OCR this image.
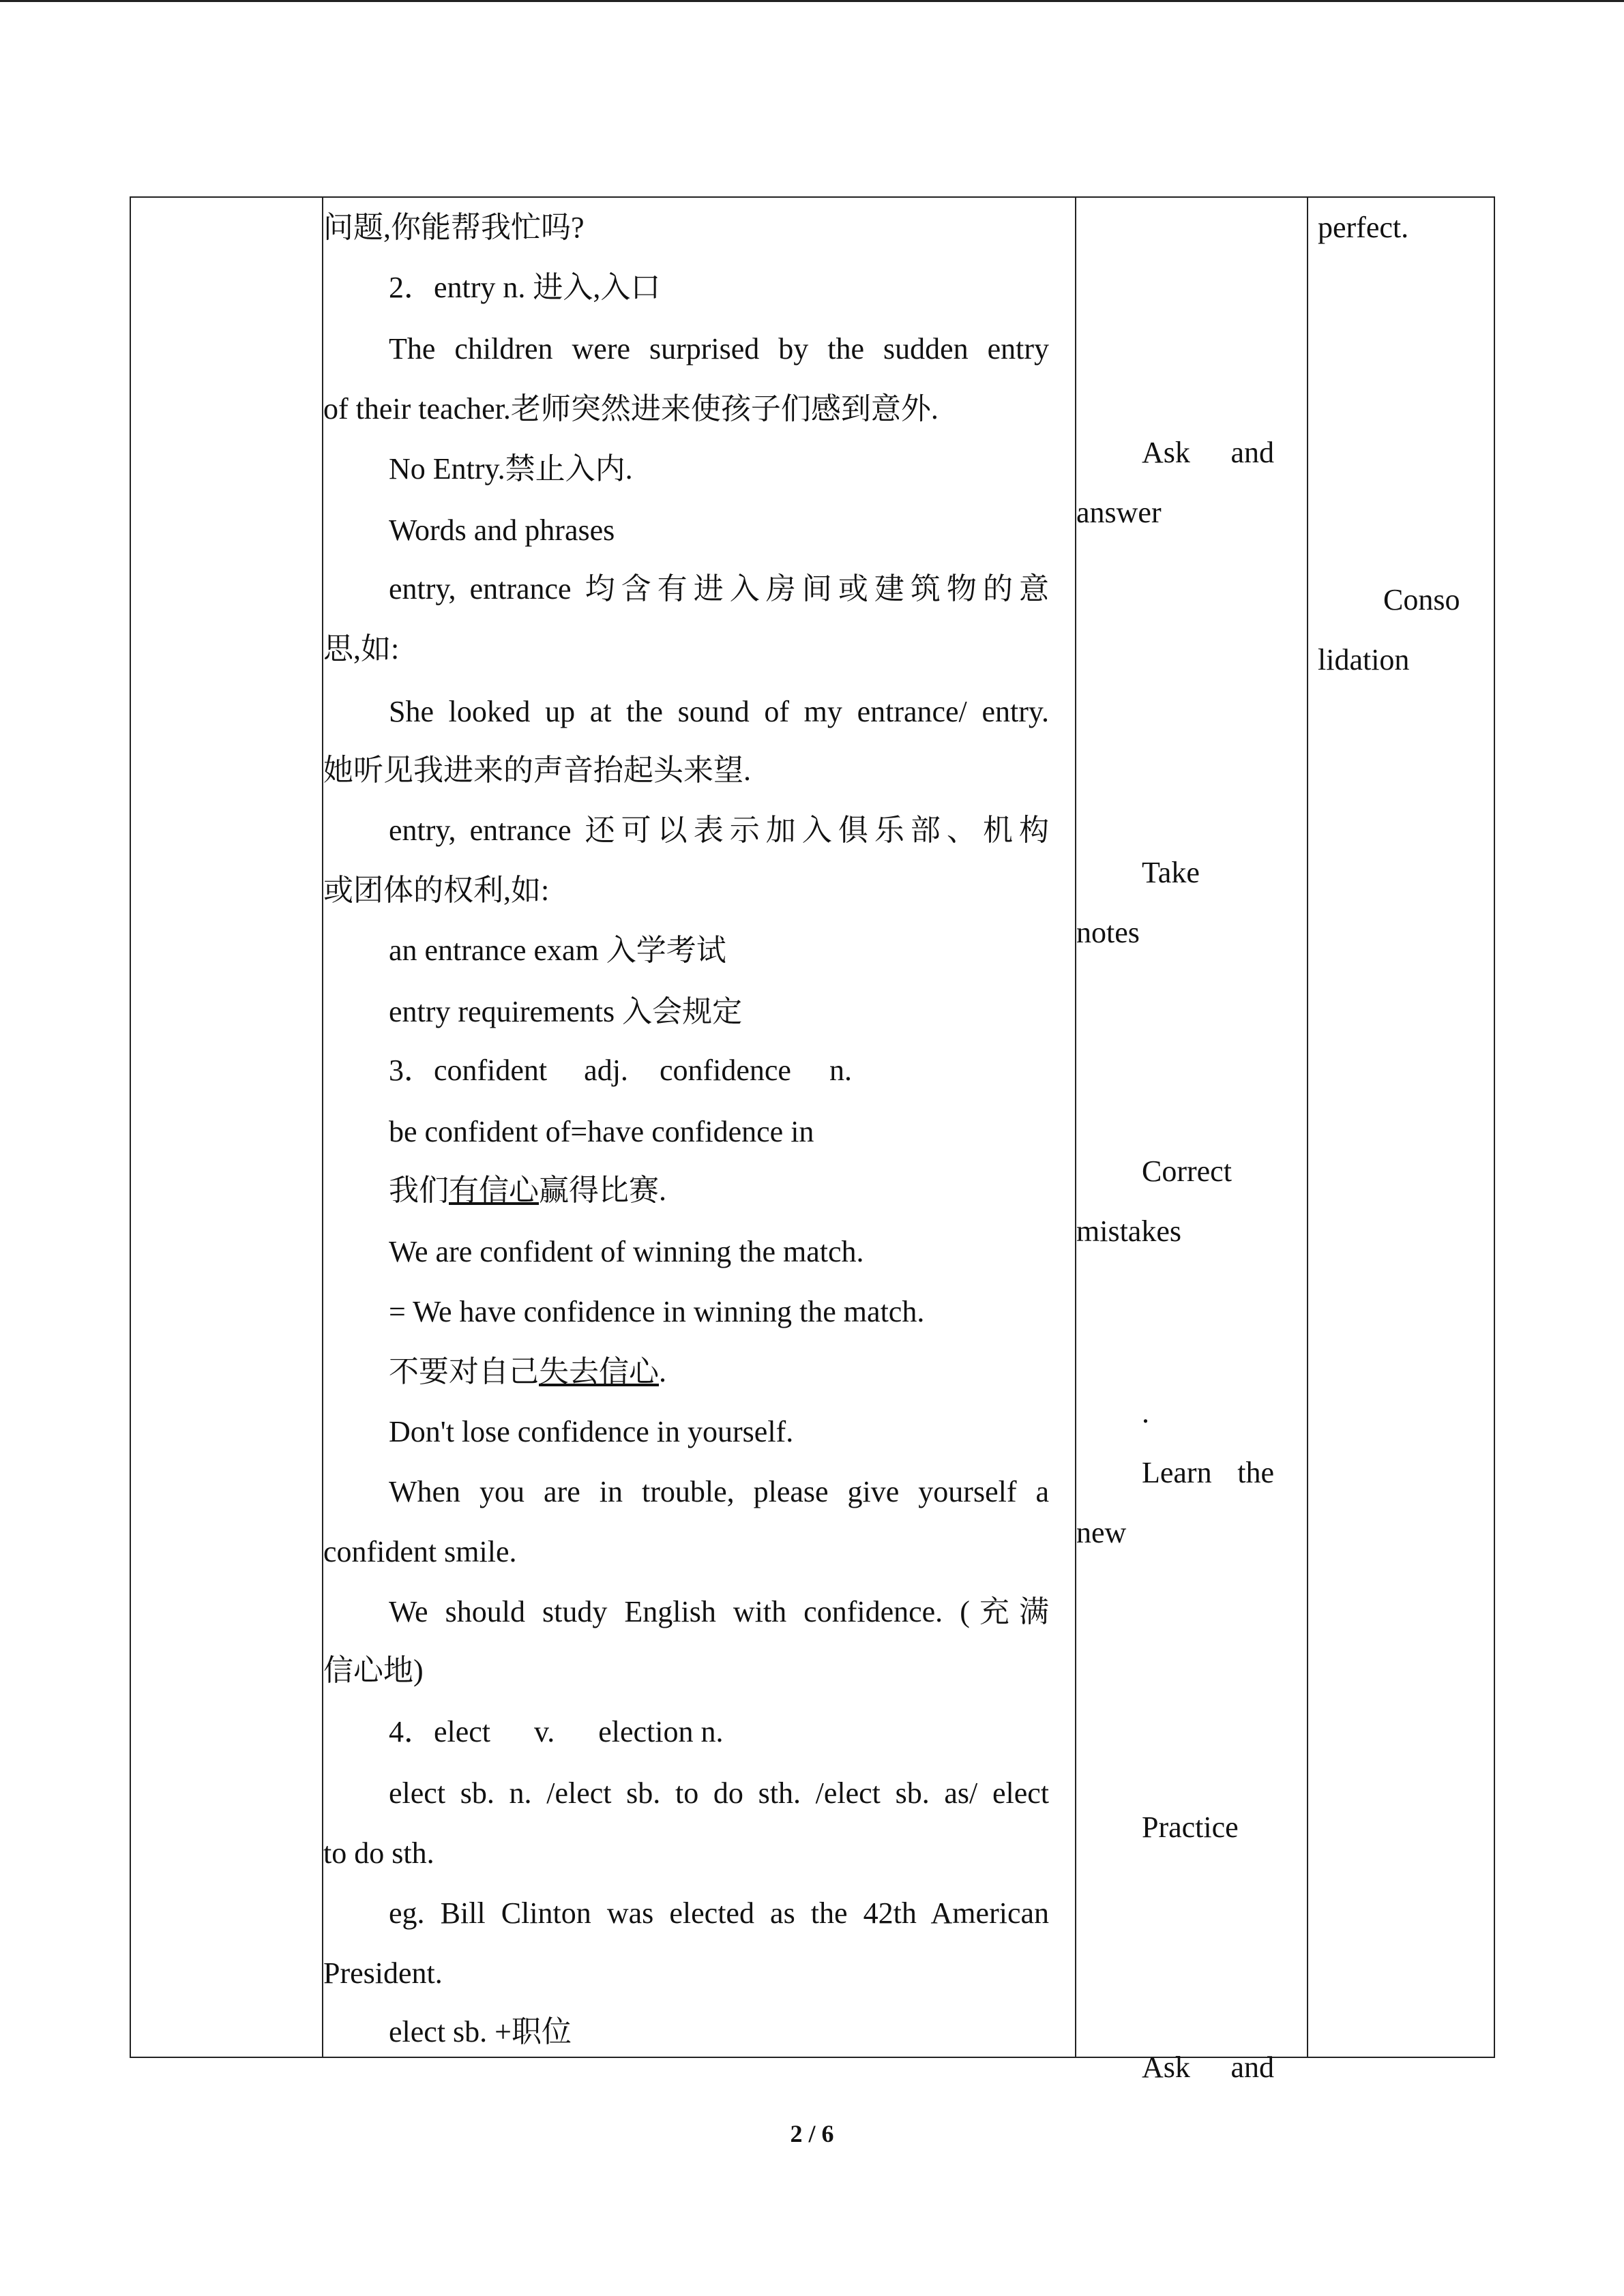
问题,你能帮我忙吗?
2．entry n. 进入,入口
The children were surprised by the sudden entry
of their teacher.老师突然进来使孩子们感到意外.
No Entry.禁止入内.
Words and phrases
entry, entrance 均含有进入房间或建筑物的意
思,如:
She looked up at the sound of my entrance/ entry.
她听见我进来的声音抬起头来望.
entry, entrance 还可以表示加入俱乐部、机构
或团体的权利,如:
an entrance exam 入学考试
entry requirements 入会规定
3．confident adj. confidence n.
be confident of=have confidence in
我们有信心赢得比赛.
We are confident of winning the match.
= We have confidence in winning the match.
不要对自己失去信心.
Don't lose confidence in yourself.
When you are in trouble, please give yourself a
confident smile.
We should study English with confidence. (充满
信心地)
4．elect v. election n.
elect sb. n. /elect sb. to do sth. /elect sb. as/ elect
to do sth.
eg. Bill Clinton was elected as the 42th American
President.
elect sb. +职位
Ask and
answer
Take
notes
Correct
mistakes
.
Learn the
new
Practice
Ask and
perfect.
Conso
lidation
2 / 6
